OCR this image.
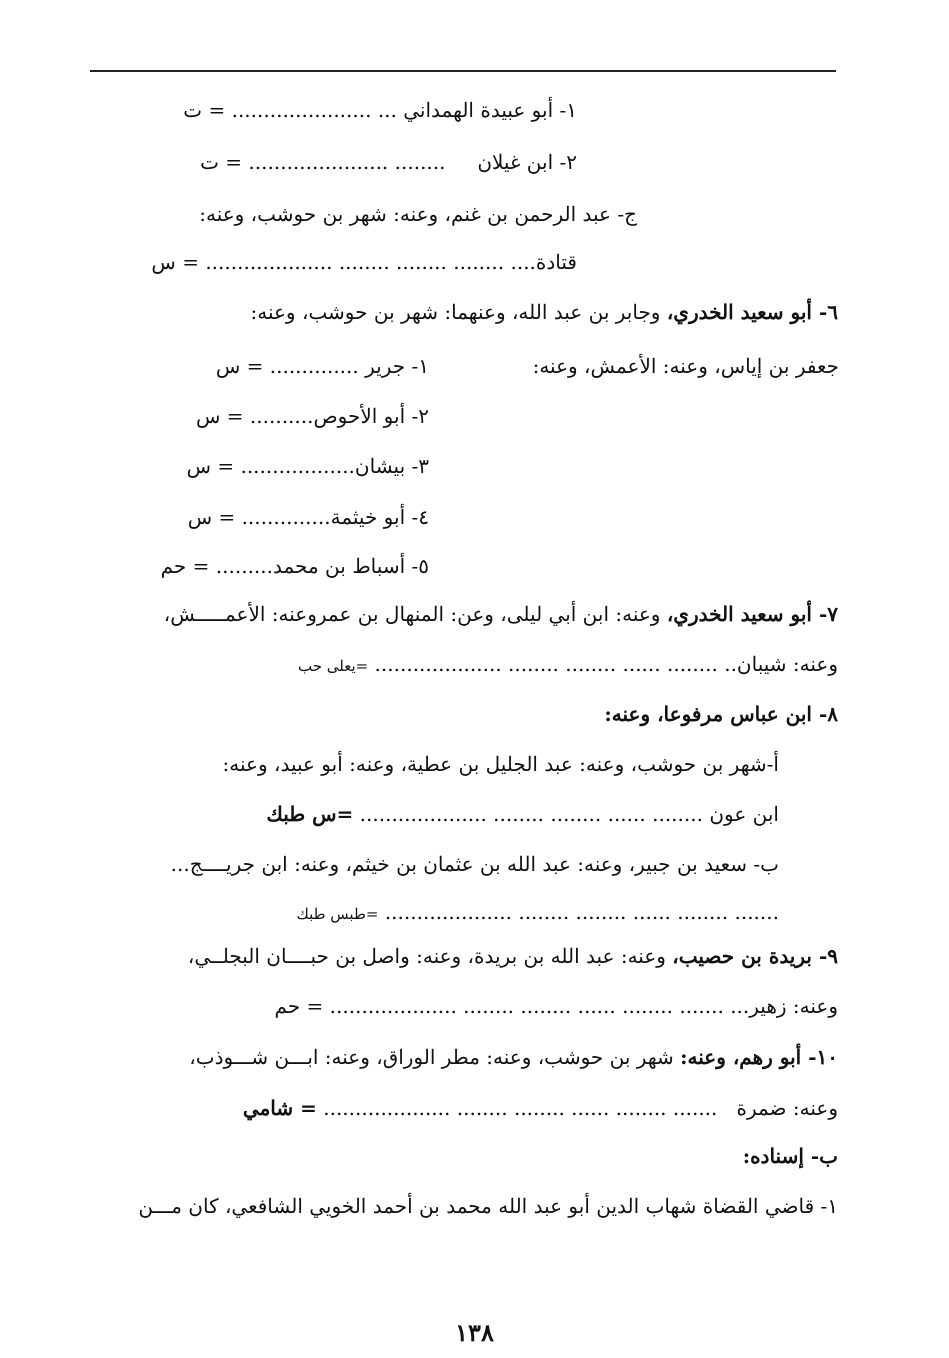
١- أبو عبيدة الهمداني ... ...................... = ت
٢- ابن غيلان     ........ ...................... = ت
ج- عبد الرحمن بن غنم، وعنه: شهر بن حوشب، وعنه:
قتادة.... ........ ........ ........ .................... = س
٦- أبو سعيد الخدري، وجابر بن عبد الله، وعنهما: شهر بن حوشب، وعنه:
جعفر بن إياس، وعنه: الأعمش، وعنه:
١- جرير .............. = س
٢- أبو الأحوص.......... = س
٣- بيشان.................. = س
٤- أبو خيثمة.............. = س
٥- أسباط بن محمد......... = حم
٧- أبو سعيد الخدري، وعنه: ابن أبي ليلى، وعن: المنهال بن عمروعنه: الأعمـــــش،
وعنه: شيبان.. ........ ...... ........ ........ .................... =يعلى حب
٨- ابن عباس مرفوعا، وعنه:
أ-شهر بن حوشب، وعنه: عبد الجليل بن عطية، وعنه: أبو عبيد، وعنه:
ابن عون ........ ...... ........ ........ .................... =س طبك
ب- سعيد بن جبير، وعنه: عبد الله بن عثمان بن خيثم، وعنه: ابن جريــــج...
....... ........ ...... ........ ........ .................... =طبس طبك
٩- بريدة بن حصيب، وعنه: عبد الله بن بريدة، وعنه: واصل بن حبــــان البجلــي،
وعنه: زهير... ....... ........ ...... ........ ........ .................... = حم
١٠- أبو رهم، وعنه: شهر بن حوشب، وعنه: مطر الوراق، وعنه: ابـــن شـــوذب،
وعنه: ضمرة   ....... ........ ...... ........ ........ .................... = شامي
ب- إسناده:
١- قاضي القضاة شهاب الدين أبو عبد الله محمد بن أحمد الخويي الشافعي، كان مـــن
١٣٨
